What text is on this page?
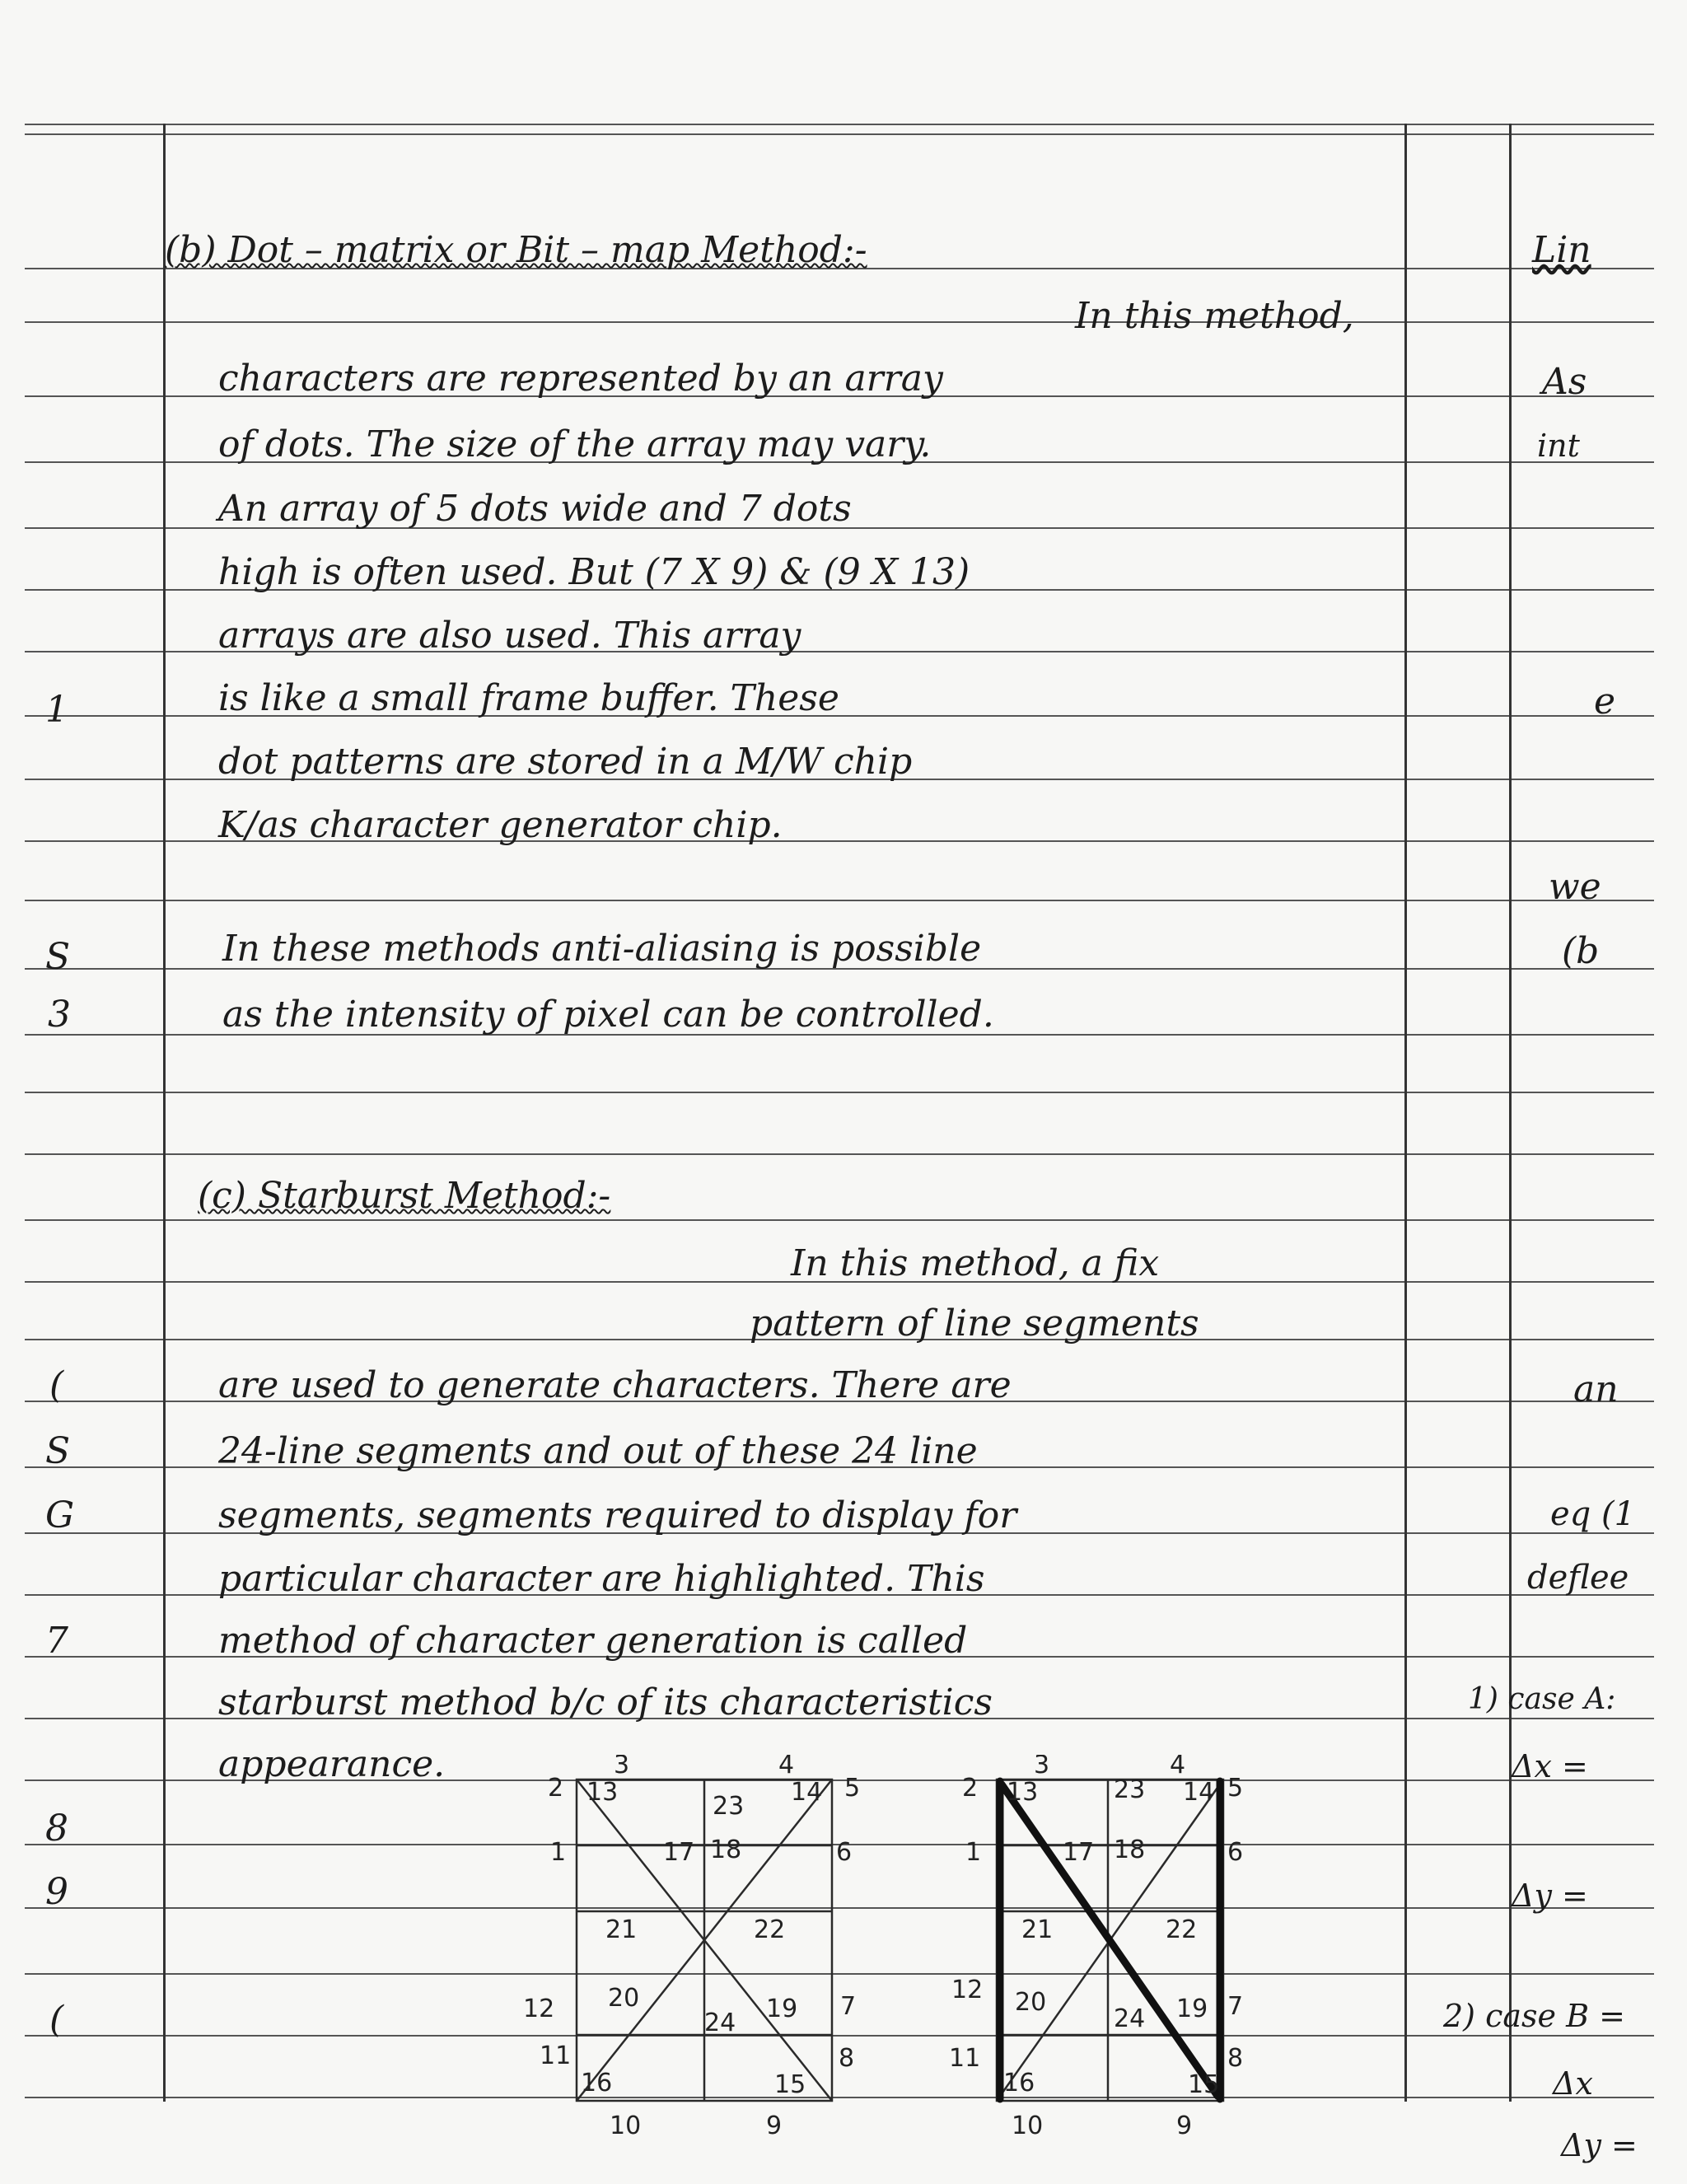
(b) Dot – matrix or Bit – map Method:-
In this method,
characters are represented by an array
of dots. The size of the array may vary.
An array of 5 dots wide and 7 dots
high is often used. But (7 X 9) & (9 X 13)
arrays are also used. This array
is like a small frame buffer. These
dot patterns are stored in a M/W chip
K/as character generator chip.
In these methods anti-aliasing is possible
as the intensity of pixel can be controlled.
(c) Starburst Method:-
In this method, a fix
pattern of line segments
are used to generate characters. There are
24-line segments and out of these 24 line
segments, segments required to display for
particular character are highlighted. This
method of character generation is called
starburst method b/c of its characteristics
appearance.
1
S
3
(
S
G
7
8
9
(
Lin
As
int
e
we
(b
an
eq (1
deflee
1) case A:
Δx =
Δy =
2) case B =
Δx
Δy =
3	4
2 13	23 14 5
1	17 18	6
21	22
12 20	19 7
24
11	8
16	15
10	9
3	4
2 13	23 14 5
1	17 18	6
21	22
12 20	19 7
24
11	8
16	15
10	9
